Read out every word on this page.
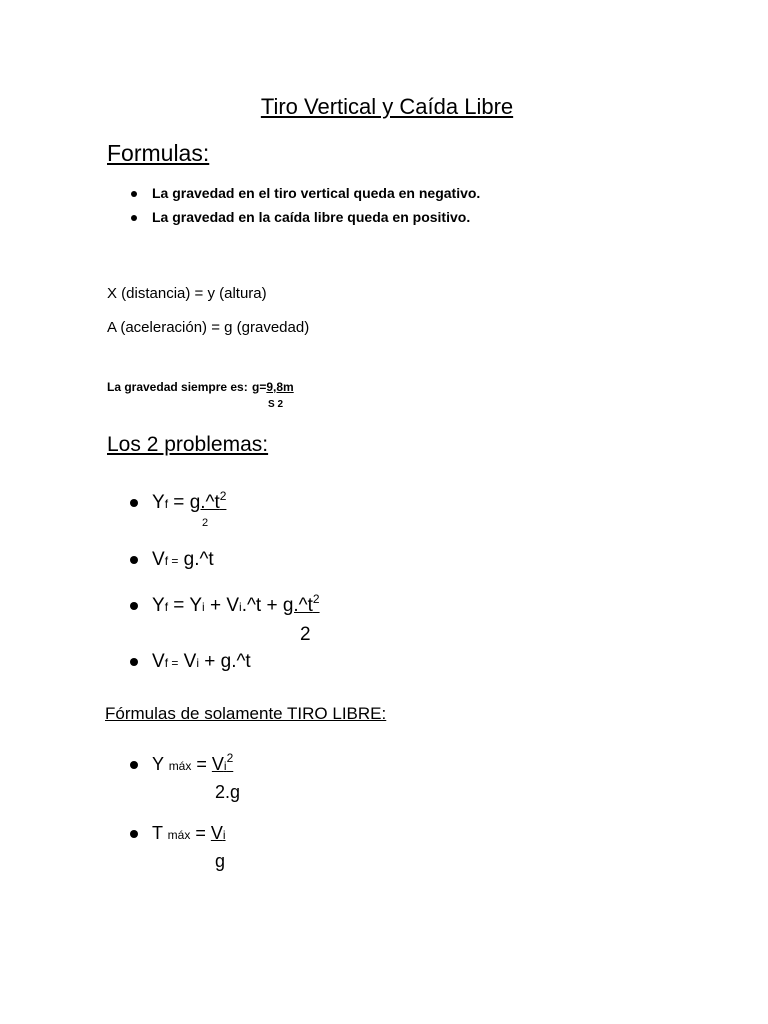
Tiro Vertical y Caída Libre
Formulas:
La gravedad en el tiro vertical queda en negativo.
La gravedad en la caída libre queda en positivo.
X (distancia) = y (altura)
A (aceleración) = g (gravedad)
La gravedad siempre es: g=9,8m
S 2
Los 2 problemas:
$Yf = g.\^{}t^2$
2
Vf = g.^t
Yf = Yi + Vi.^t + $g.\^{}t^2$
2
Vf = Vi + g.^t
Fórmulas de solamente TIRO LIBRE:
Y máx = $Vi^2$
2.g
T máx = Vi
g
